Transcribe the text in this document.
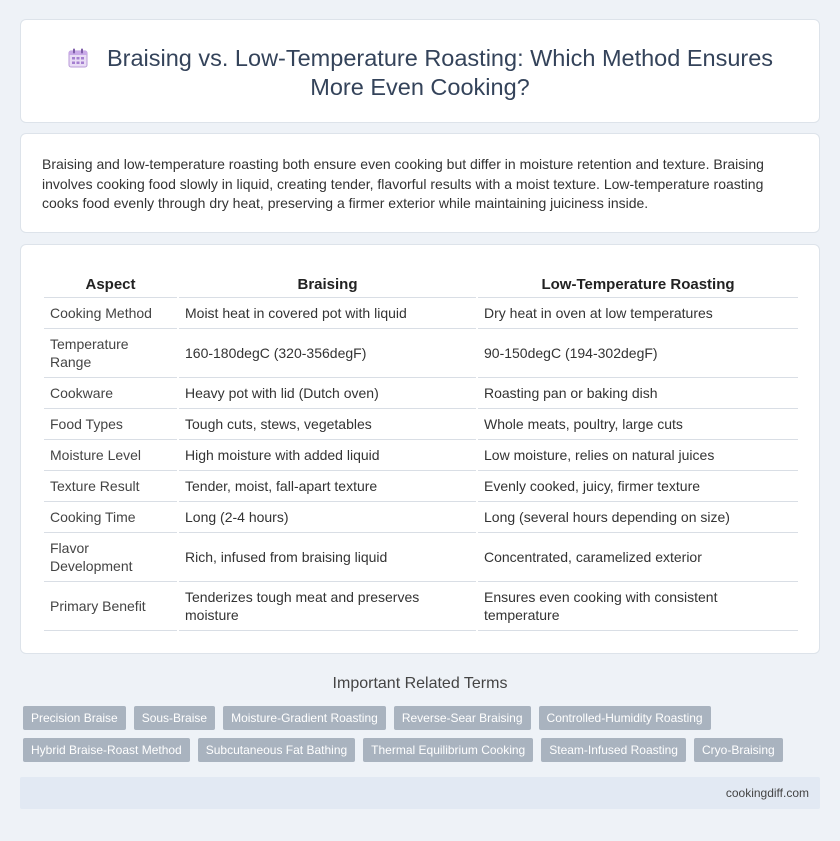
Braising vs. Low-Temperature Roasting: Which Method Ensures More Even Cooking?

Braising and low-temperature roasting both ensure even cooking but differ in moisture retention and texture. Braising involves cooking food slowly in liquid, creating tender, flavorful results with a moist texture. Low-temperature roasting cooks food evenly through dry heat, preserving a firmer exterior while maintaining juiciness inside.

Aspect	Braising	Low-Temperature Roasting
Cooking Method	Moist heat in covered pot with liquid	Dry heat in oven at low temperatures
Temperature Range	160-180degC (320-356degF)	90-150degC (194-302degF)
Cookware	Heavy pot with lid (Dutch oven)	Roasting pan or baking dish
Food Types	Tough cuts, stews, vegetables	Whole meats, poultry, large cuts
Moisture Level	High moisture with added liquid	Low moisture, relies on natural juices
Texture Result	Tender, moist, fall-apart texture	Evenly cooked, juicy, firmer texture
Cooking Time	Long (2-4 hours)	Long (several hours depending on size)
Flavor Development	Rich, infused from braising liquid	Concentrated, caramelized exterior
Primary Benefit	Tenderizes tough meat and preserves moisture	Ensures even cooking with consistent temperature
Important Related Terms
Precision Braise	Sous-Braise	Moisture-Gradient Roasting	Reverse-Sear Braising	Controlled-Humidity Roasting
Hybrid Braise-Roast Method	Subcutaneous Fat Bathing	Thermal Equilibrium Cooking	Steam-Infused Roasting	Cryo-Braising
cookingdiff.com
